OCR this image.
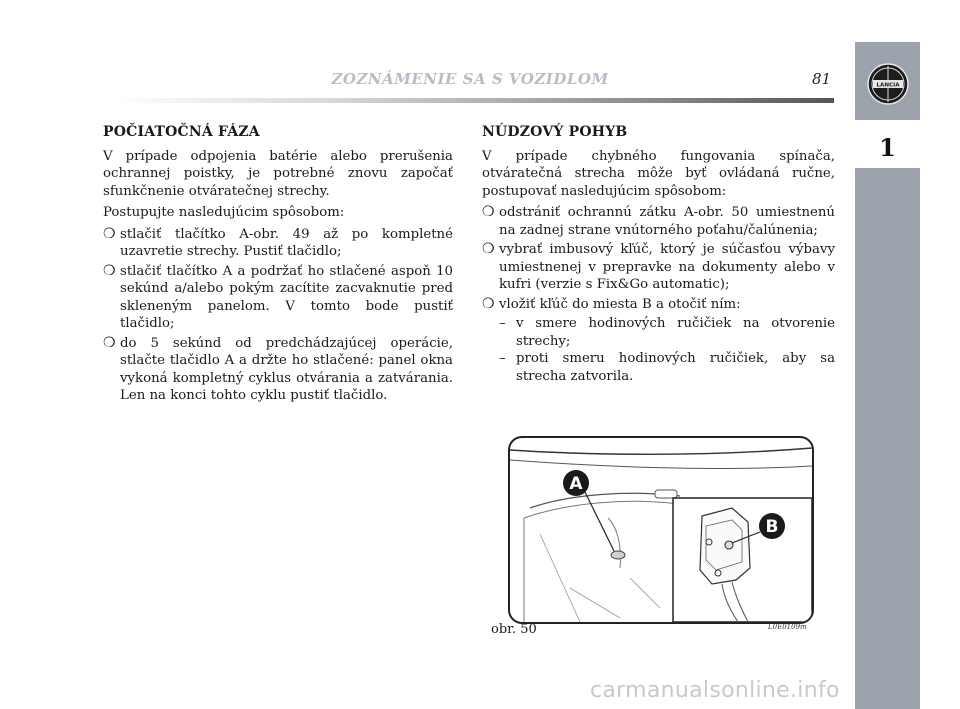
ZOZNÁMENIE SA S VOZIDLOM	81	LANCIA
1
POČIATOČNÁ FÁZA

V prípade odpojenia batérie alebo prerušenia ochrannej poistky, je potrebné znovu započať sfunkčnenie otváratečnej strechy.

Postupujte nasledujúcim spôsobom:

❍ stlačiť tlačítko A-obr. 49 až po kompletné uzavretie strechy. Pustiť tlačidlo;
❍ stlačiť tlačítko A a podržať ho stlačené aspoň 10 sekúnd a/alebo pokým zacítite zacvaknutie pred skleneným panelom. V tomto bode pustiť tlačidlo;
❍ do 5 sekúnd od predchádzajúcej operácie, stlačte tlačidlo A a držte ho stlačené: panel okna vykoná kompletný cyklus otvárania a zatvárania. Len na konci tohto cyklu pustiť tlačidlo.
NÚDZOVÝ POHYB

V prípade chybného fungovania spínača, otváratečná strecha môže byť ovládaná ručne, postupovať nasledujúcim spôsobom:

❍ odstrániť ochrannú zátku A-obr. 50 umiestnenú na zadnej strane vnútorného poťahu/čalúnenia;
❍ vybrať imbusový kľúč, ktorý je súčasťou výbavy umiestnenej v prepravke na dokumenty alebo v kufri (verzie s Fix&Go automatic);
❍ vložiť kľúč do miesta B a otočiť ním:
– v smere hodinových ručičiek na otvorenie strechy;
– proti smeru hodinových ručičiek, aby sa strecha zatvorila.
A
B
obr. 50	L0E0109m
carmanualsonline.info
